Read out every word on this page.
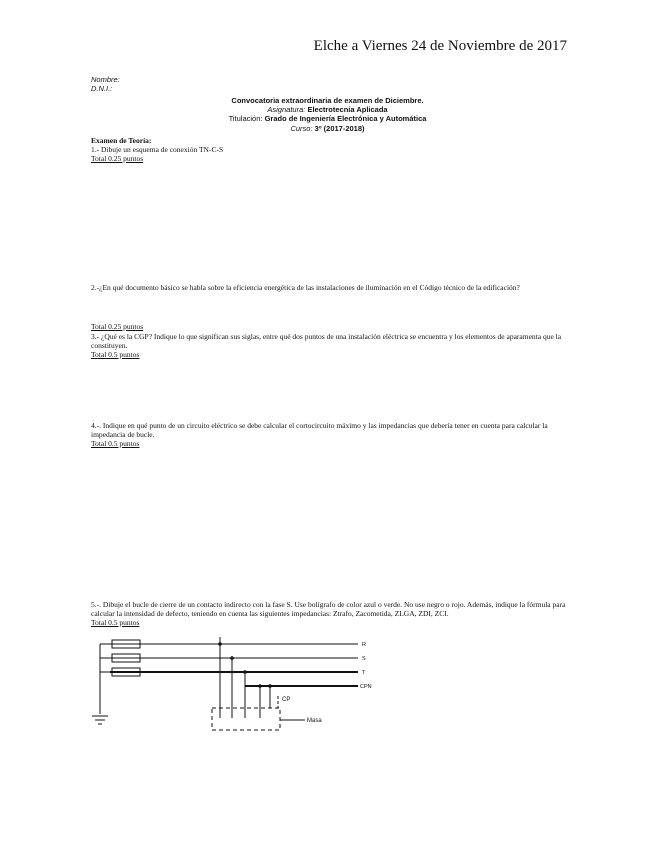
Elche a Viernes 24 de Noviembre de 2017
Nombre:
D.N.I.:
Convocatoria extraordinaria de examen de Diciembre.
Asignatura: Electrotecnia Aplicada
Titulación: Grado de Ingeniería Electrónica y Automática
Curso: 3º (2017-2018)
Examen de Teoría:
1.- Dibuje un esquema de conexión TN-C-S
Total 0.25 puntos
2.-¿En qué documento básico se habla sobre la eficiencia energética de las instalaciones de iluminación en el Código técnico de la edificación?
Total 0.25 puntos
3.- ¿Qué es la CGP? Indique lo que significan sus siglas, entre qué dos puntos de una instalación eléctrica se encuentra y los elementos de aparamenta que la constituyen.
Total 0.5 puntos
4.-. Indique en qué punto de un circuito eléctrico se debe calcular el cortocircuito máximo y las impedancias que debería tener en cuenta para calcular la impedancia de bucle.
Total 0.5 puntos
5.-. Dibuje el bucle de cierre de un contacto indirecto con la fase S. Use bolígrafo de color azul o verde. No use negro o rojo. Además, indique la fórmula para calcular la intensidad de defecto, teniendo en cuenta las siguientes impedancias: Ztrafo, Zacometida, ZLGA, ZDI, ZCI.
Total 0.5 puntos
R
S
T
CPN
CP
Masa
